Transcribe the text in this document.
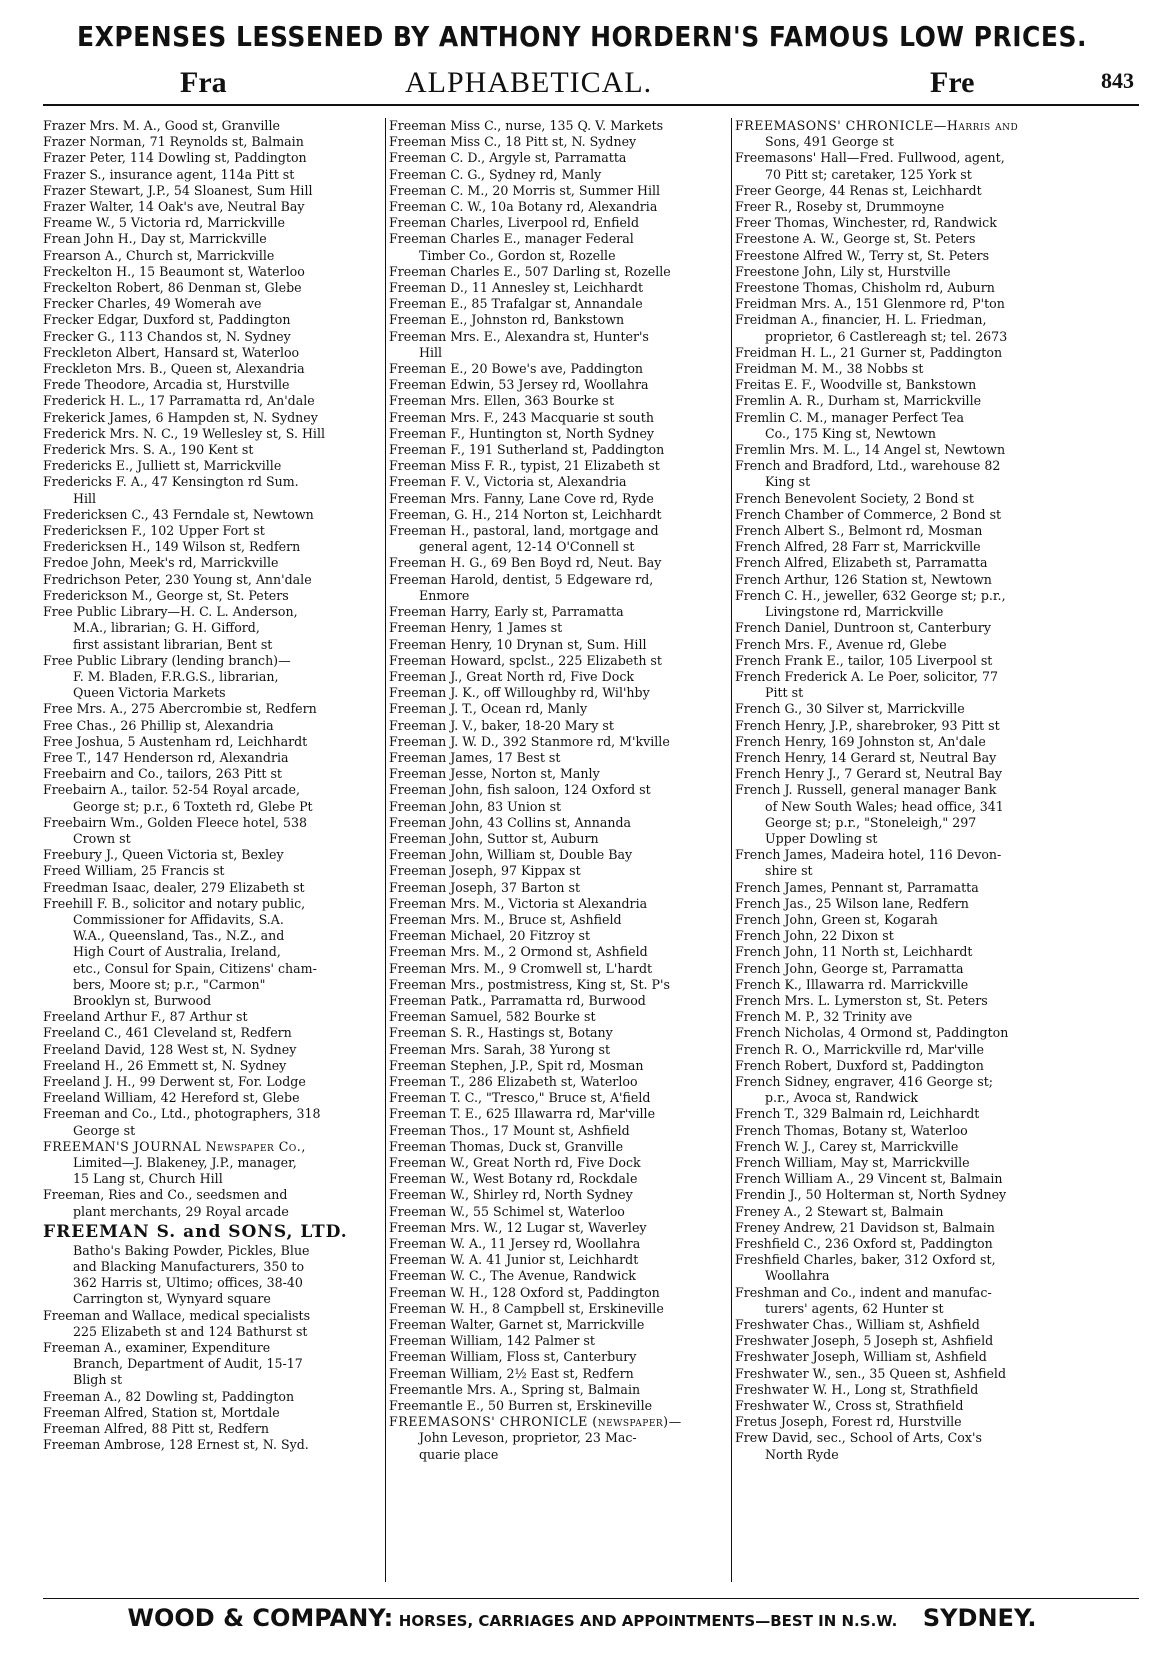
EXPENSES LESSENED BY ANTHONY HORDERN'S FAMOUS LOW PRICES.
Fra	ALPHABETICAL.	Fre	843

Frazer Mrs. M. A., Good st, Granville

Frazer Norman, 71 Reynolds st, Balmain

Frazer Peter, 114 Dowling st, Paddington

Frazer S., insurance agent, 114a Pitt st

Frazer Stewart, J.P., 54 Sloanest, Sum Hill

Frazer Walter, 14 Oak's ave, Neutral Bay

Freame W., 5 Victoria rd, Marrickville

Frean John H., Day st, Marrickville

Frearson A., Church st, Marrickville

Freckelton H., 15 Beaumont st, Waterloo

Freckelton Robert, 86 Denman st, Glebe

Frecker Charles, 49 Womerah ave

Frecker Edgar, Duxford st, Paddington

Frecker G., 113 Chandos st, N. Sydney

Freckleton Albert, Hansard st, Waterloo

Freckleton Mrs. B., Queen st, Alexandria

Frede Theodore, Arcadia st, Hurstville

Frederick H. L., 17 Parramatta rd, An'dale

Frekerick James, 6 Hampden st, N. Sydney

Frederick Mrs. N. C., 19 Wellesley st, S. Hill

Frederick Mrs. S. A., 190 Kent st

Fredericks E., Julliett st, Marrickville

Fredericks F. A., 47 Kensington rd Sum.

Hill

Fredericksen C., 43 Ferndale st, Newtown

Fredericksen F., 102 Upper Fort st

Fredericksen H., 149 Wilson st, Redfern

Fredoe John, Meek's rd, Marrickville

Fredrichson Peter, 230 Young st, Ann'dale

Frederickson M., George st, St. Peters

Free Public Library—H. C. L. Anderson,

M.A., librarian; G. H. Gifford,

first assistant librarian, Bent st

Free Public Library (lending branch)—

F. M. Bladen, F.R.G.S., librarian,

Queen Victoria Markets

Free Mrs. A., 275 Abercrombie st, Redfern

Free Chas., 26 Phillip st, Alexandria

Free Joshua, 5 Austenham rd, Leichhardt

Free T., 147 Henderson rd, Alexandria

Freebairn and Co., tailors, 263 Pitt st

Freebairn A., tailor. 52-54 Royal arcade,

George st; p.r., 6 Toxteth rd, Glebe Pt

Freebairn Wm., Golden Fleece hotel, 538

Crown st

Freebury J., Queen Victoria st, Bexley

Freed William, 25 Francis st

Freedman Isaac, dealer, 279 Elizabeth st

Freehill F. B., solicitor and notary public,

Commissioner for Affidavits, S.A.

W.A., Queensland, Tas., N.Z., and

High Court of Australia, Ireland,

etc., Consul for Spain, Citizens' cham-

bers, Moore st; p.r., "Carmon"

Brooklyn st, Burwood

Freeland Arthur F., 87 Arthur st

Freeland C., 461 Cleveland st, Redfern

Freeland David, 128 West st, N. Sydney

Freeland H., 26 Emmett st, N. Sydney

Freeland J. H., 99 Derwent st, For. Lodge

Freeland William, 42 Hereford st, Glebe

Freeman and Co., Ltd., photographers, 318

George st

FREEMAN'S JOURNAL Newspaper Co.,

Limited—J. Blakeney, J.P., manager,

15 Lang st, Church Hill

Freeman, Ries and Co., seedsmen and

plant merchants, 29 Royal arcade

FREEMAN S. and SONS, LTD.

Batho's Baking Powder, Pickles, Blue

and Blacking Manufacturers, 350 to

362 Harris st, Ultimo; offices, 38-40

Carrington st, Wynyard square

Freeman and Wallace, medical specialists

225 Elizabeth st and 124 Bathurst st

Freeman A., examiner, Expenditure

Branch, Department of Audit, 15-17

Bligh st

Freeman A., 82 Dowling st, Paddington

Freeman Alfred, Station st, Mortdale

Freeman Alfred, 88 Pitt st, Redfern

Freeman Ambrose, 128 Ernest st, N. Syd.

Freeman Miss C., nurse, 135 Q. V. Markets

Freeman Miss C., 18 Pitt st, N. Sydney

Freeman C. D., Argyle st, Parramatta

Freeman C. G., Sydney rd, Manly

Freeman C. M., 20 Morris st, Summer Hill

Freeman C. W., 10a Botany rd, Alexandria

Freeman Charles, Liverpool rd, Enfield

Freeman Charles E., manager Federal

Timber Co., Gordon st, Rozelle

Freeman Charles E., 507 Darling st, Rozelle

Freeman D., 11 Annesley st, Leichhardt

Freeman E., 85 Trafalgar st, Annandale

Freeman E., Johnston rd, Bankstown

Freeman Mrs. E., Alexandra st, Hunter's

Hill

Freeman E., 20 Bowe's ave, Paddington

Freeman Edwin, 53 Jersey rd, Woollahra

Freeman Mrs. Ellen, 363 Bourke st

Freeman Mrs. F., 243 Macquarie st south

Freeman F., Huntington st, North Sydney

Freeman F., 191 Sutherland st, Paddington

Freeman Miss F. R., typist, 21 Elizabeth st

Freeman F. V., Victoria st, Alexandria

Freeman Mrs. Fanny, Lane Cove rd, Ryde

Freeman, G. H., 214 Norton st, Leichhardt

Freeman H., pastoral, land, mortgage and

general agent, 12-14 O'Connell st

Freeman H. G., 69 Ben Boyd rd, Neut. Bay

Freeman Harold, dentist, 5 Edgeware rd,

Enmore

Freeman Harry, Early st, Parramatta

Freeman Henry, 1 James st

Freeman Henry, 10 Drynan st, Sum. Hill

Freeman Howard, spclst., 225 Elizabeth st

Freeman J., Great North rd, Five Dock

Freeman J. K., off Willoughby rd, Wil'hby

Freeman J. T., Ocean rd, Manly

Freeman J. V., baker, 18-20 Mary st

Freeman J. W. D., 392 Stanmore rd, M'kville

Freeman James, 17 Best st

Freeman Jesse, Norton st, Manly

Freeman John, fish saloon, 124 Oxford st

Freeman John, 83 Union st

Freeman John, 43 Collins st, Annanda

Freeman John, Suttor st, Auburn

Freeman John, William st, Double Bay

Freeman Joseph, 97 Kippax st

Freeman Joseph, 37 Barton st

Freeman Mrs. M., Victoria st Alexandria

Freeman Mrs. M., Bruce st, Ashfield

Freeman Michael, 20 Fitzroy st

Freeman Mrs. M., 2 Ormond st, Ashfield

Freeman Mrs. M., 9 Cromwell st, L'hardt

Freeman Mrs., postmistress, King st, St. P's

Freeman Patk., Parramatta rd, Burwood

Freeman Samuel, 582 Bourke st

Freeman S. R., Hastings st, Botany

Freeman Mrs. Sarah, 38 Yurong st

Freeman Stephen, J.P., Spit rd, Mosman

Freeman T., 286 Elizabeth st, Waterloo

Freeman T. C., "Tresco," Bruce st, A'field

Freeman T. E., 625 Illawarra rd, Mar'ville

Freeman Thos., 17 Mount st, Ashfield

Freeman Thomas, Duck st, Granville

Freeman W., Great North rd, Five Dock

Freeman W., West Botany rd, Rockdale

Freeman W., Shirley rd, North Sydney

Freeman W., 55 Schimel st, Waterloo

Freeman Mrs. W., 12 Lugar st, Waverley

Freeman W. A., 11 Jersey rd, Woollahra

Freeman W. A. 41 Junior st, Leichhardt

Freeman W. C., The Avenue, Randwick

Freeman W. H., 128 Oxford st, Paddington

Freeman W. H., 8 Campbell st, Erskineville

Freeman Walter, Garnet st, Marrickville

Freeman William, 142 Palmer st

Freeman William, Floss st, Canterbury

Freeman William, 2½ East st, Redfern

Freemantle Mrs. A., Spring st, Balmain

Freemantle E., 50 Burren st, Erskineville

FREEMASONS' CHRONICLE (newspaper)—

John Leveson, proprietor, 23 Mac-

quarie place

FREEMASONS' CHRONICLE—Harris and

Sons, 491 George st

Freemasons' Hall—Fred. Fullwood, agent,

70 Pitt st; caretaker, 125 York st

Freer George, 44 Renas st, Leichhardt

Freer R., Roseby st, Drummoyne

Freer Thomas, Winchester, rd, Randwick

Freestone A. W., George st, St. Peters

Freestone Alfred W., Terry st, St. Peters

Freestone John, Lily st, Hurstville

Freestone Thomas, Chisholm rd, Auburn

Freidman Mrs. A., 151 Glenmore rd, P'ton

Freidman A., financier, H. L. Friedman,

proprietor, 6 Castlereagh st; tel. 2673

Freidman H. L., 21 Gurner st, Paddington

Freidman M. M., 38 Nobbs st

Freitas E. F., Woodville st, Bankstown

Fremlin A. R., Durham st, Marrickville

Fremlin C. M., manager Perfect Tea

Co., 175 King st, Newtown

Fremlin Mrs. M. L., 14 Angel st, Newtown

French and Bradford, Ltd., warehouse 82

King st

French Benevolent Society, 2 Bond st

French Chamber of Commerce, 2 Bond st

French Albert S., Belmont rd, Mosman

French Alfred, 28 Farr st, Marrickville

French Alfred, Elizabeth st, Parramatta

French Arthur, 126 Station st, Newtown

French C. H., jeweller, 632 George st; p.r.,

Livingstone rd, Marrickville

French Daniel, Duntroon st, Canterbury

French Mrs. F., Avenue rd, Glebe

French Frank E., tailor, 105 Liverpool st

French Frederick A. Le Poer, solicitor, 77

Pitt st

French G., 30 Silver st, Marrickville

French Henry, J.P., sharebroker, 93 Pitt st

French Henry, 169 Johnston st, An'dale

French Henry, 14 Gerard st, Neutral Bay

French Henry J., 7 Gerard st, Neutral Bay

French J. Russell, general manager Bank

of New South Wales; head office, 341

George st; p.r., "Stoneleigh," 297

Upper Dowling st

French James, Madeira hotel, 116 Devon-

shire st

French James, Pennant st, Parramatta

French Jas., 25 Wilson lane, Redfern

French John, Green st, Kogarah

French John, 22 Dixon st

French John, 11 North st, Leichhardt

French John, George st, Parramatta

French K., Illawarra rd. Marrickville

French Mrs. L. Lymerston st, St. Peters

French M. P., 32 Trinity ave

French Nicholas, 4 Ormond st, Paddington

French R. O., Marrickville rd, Mar'ville

French Robert, Duxford st, Paddington

French Sidney, engraver, 416 George st;

p.r., Avoca st, Randwick

French T., 329 Balmain rd, Leichhardt

French Thomas, Botany st, Waterloo

French W. J., Carey st, Marrickville

French William, May st, Marrickville

French William A., 29 Vincent st, Balmain

Frendin J., 50 Holterman st, North Sydney

Freney A., 2 Stewart st, Balmain

Freney Andrew, 21 Davidson st, Balmain

Freshfield C., 236 Oxford st, Paddington

Freshfield Charles, baker, 312 Oxford st,

Woollahra

Freshman and Co., indent and manufac-

turers' agents, 62 Hunter st

Freshwater Chas., William st, Ashfield

Freshwater Joseph, 5 Joseph st, Ashfield

Freshwater Joseph, William st, Ashfield

Freshwater W., sen., 35 Queen st, Ashfield

Freshwater W. H., Long st, Strathfield

Freshwater W., Cross st, Strathfield

Fretus Joseph, Forest rd, Hurstville

Frew David, sec., School of Arts, Cox's

North Ryde

WOOD & COMPANY: HORSES, CARRIAGES AND APPOINTMENTS—BEST IN N.S.W. SYDNEY.
